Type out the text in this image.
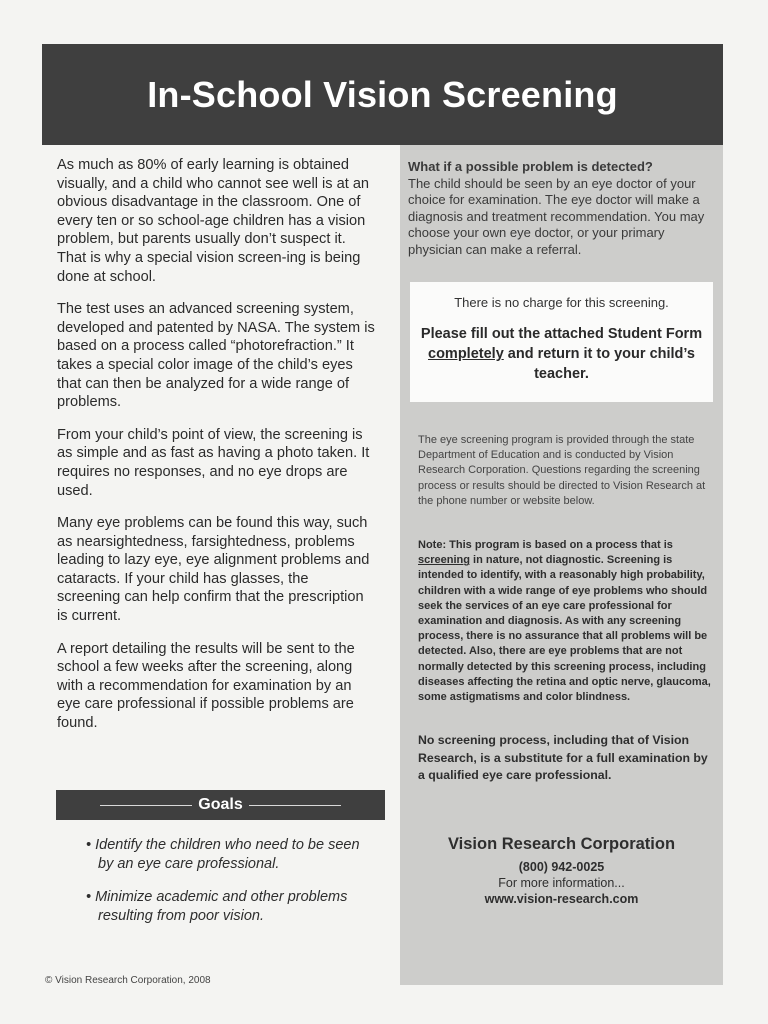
In-School Vision Screening

As much as 80% of early learning is obtained visually, and a child who cannot see well is at an obvious disadvantage in the classroom. One of every ten or so school-age children has a vision problem, but parents usually don’t suspect it. That is why a special vision screen-ing is being done at school.

The test uses an advanced screening system, developed and patented by NASA. The system is based on a process called “photorefraction.” It takes a special color image of the child’s eyes that can then be analyzed for a wide range of problems.

From your child’s point of view, the screening is as simple and as fast as having a photo taken. It requires no responses, and no eye drops are used.

Many eye problems can be found this way, such as nearsightedness, farsightedness, problems leading to lazy eye, eye alignment problems and cataracts. If your child has glasses, the screening can help confirm that the prescription is current.

A report detailing the results will be sent to the school a few weeks after the screening, along with a recommendation for examination by an eye care professional if possible problems are found.

What if a possible problem is detected?
The child should be seen by an eye doctor of your choice for examination. The eye doctor will make a diagnosis and treatment recommendation. You may choose your own eye doctor, or your primary physician can make a referral.
There is no charge for this screening.
Please fill out the attached Student Form completely and return it to your child’s teacher.
The eye screening program is provided through the state Department of Education and is conducted by Vision Research Corporation. Questions regarding the screening process or results should be directed to Vision Research at the phone number or website below.
Note: This program is based on a process that is screening in nature, not diagnostic. Screening is intended to identify, with a reasonably high probability, children with a wide range of eye problems who should seek the services of an eye care professional for examination and diagnosis. As with any screening process, there is no assurance that all problems will be detected. Also, there are eye problems that are not normally detected by this screening process, including diseases affecting the retina and optic nerve, glaucoma, some astigmatisms and color blindness.
No screening process, including that of Vision Research, is a substitute for a full examination by a qualified eye care professional.
Vision Research Corporation
(800) 942-0025
For more information...
www.vision-research.com
Goals
• Identify the children who need to be seen by an eye care professional.
• Minimize academic and other problems resulting from poor vision.
© Vision Research Corporation, 2008
